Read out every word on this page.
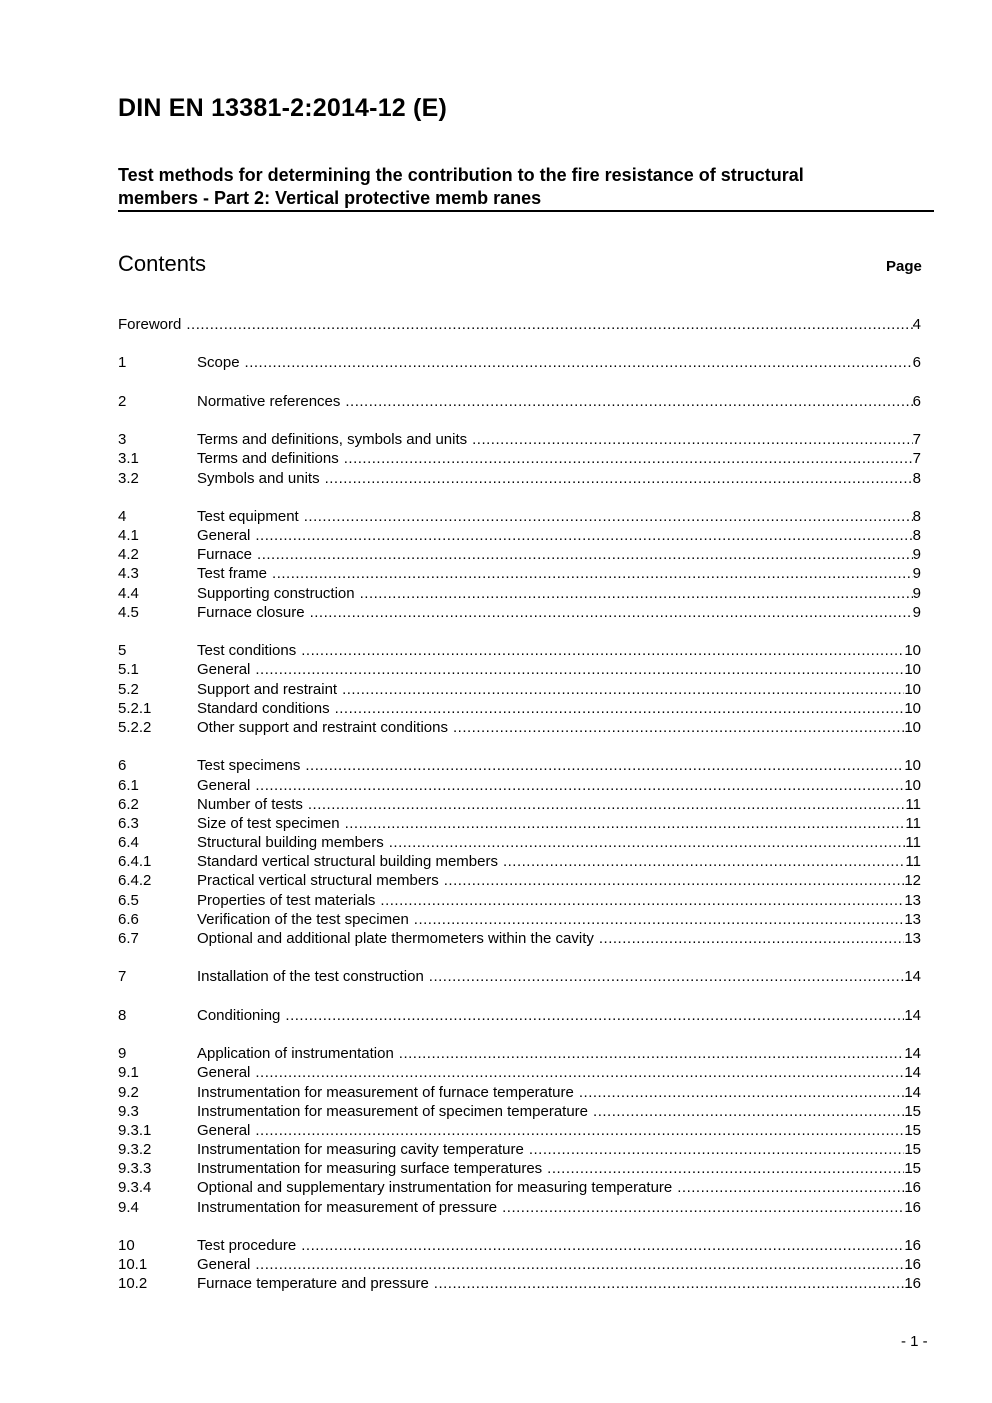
DIN EN 13381-2:2014-12 (E)
Test methods for determining the contribution to the fire resistance of structural
members - Part 2: Vertical protective memb ranes
Contents	Page
Foreword .....	4
1	Scope .....	6
2	Normative references .....	6
3	Terms and definitions, symbols and units .....	7
3.1	Terms and definitions .....	7
3.2	Symbols and units .....	8
4	Test equipment .....	8
4.1	General .....	8
4.2	Furnace .....	9
4.3	Test frame .....	9
4.4	Supporting construction .....	9
4.5	Furnace closure .....	9
5	Test conditions .....	10
5.1	General .....	10
5.2	Support and restraint .....	10
5.2.1	Standard conditions .....	10
5.2.2	Other support and restraint conditions .....	10
6	Test specimens .....	10
6.1	General .....	10
6.2	Number of tests .....	11
6.3	Size of test specimen .....	11
6.4	Structural building members .....	11
6.4.1	Standard vertical structural building members .....	11
6.4.2	Practical vertical structural members .....	12
6.5	Properties of test materials .....	13
6.6	Verification of the test specimen .....	13
6.7	Optional and additional plate thermometers within the cavity .....	13
7	Installation of the test construction .....	14
8	Conditioning .....	14
9	Application of instrumentation .....	14
9.1	General .....	14
9.2	Instrumentation for measurement of furnace temperature .....	14
9.3	Instrumentation for measurement of specimen temperature .....	15
9.3.1	General .....	15
9.3.2	Instrumentation for measuring cavity temperature .....	15
9.3.3	Instrumentation for measuring surface temperatures .....	15
9.3.4	Optional and supplementary instrumentation for measuring temperature .....	16
9.4	Instrumentation for measurement of pressure .....	16
10	Test procedure .....	16
10.1	General .....	16
10.2	Furnace temperature and pressure .....	16
- 1 -
